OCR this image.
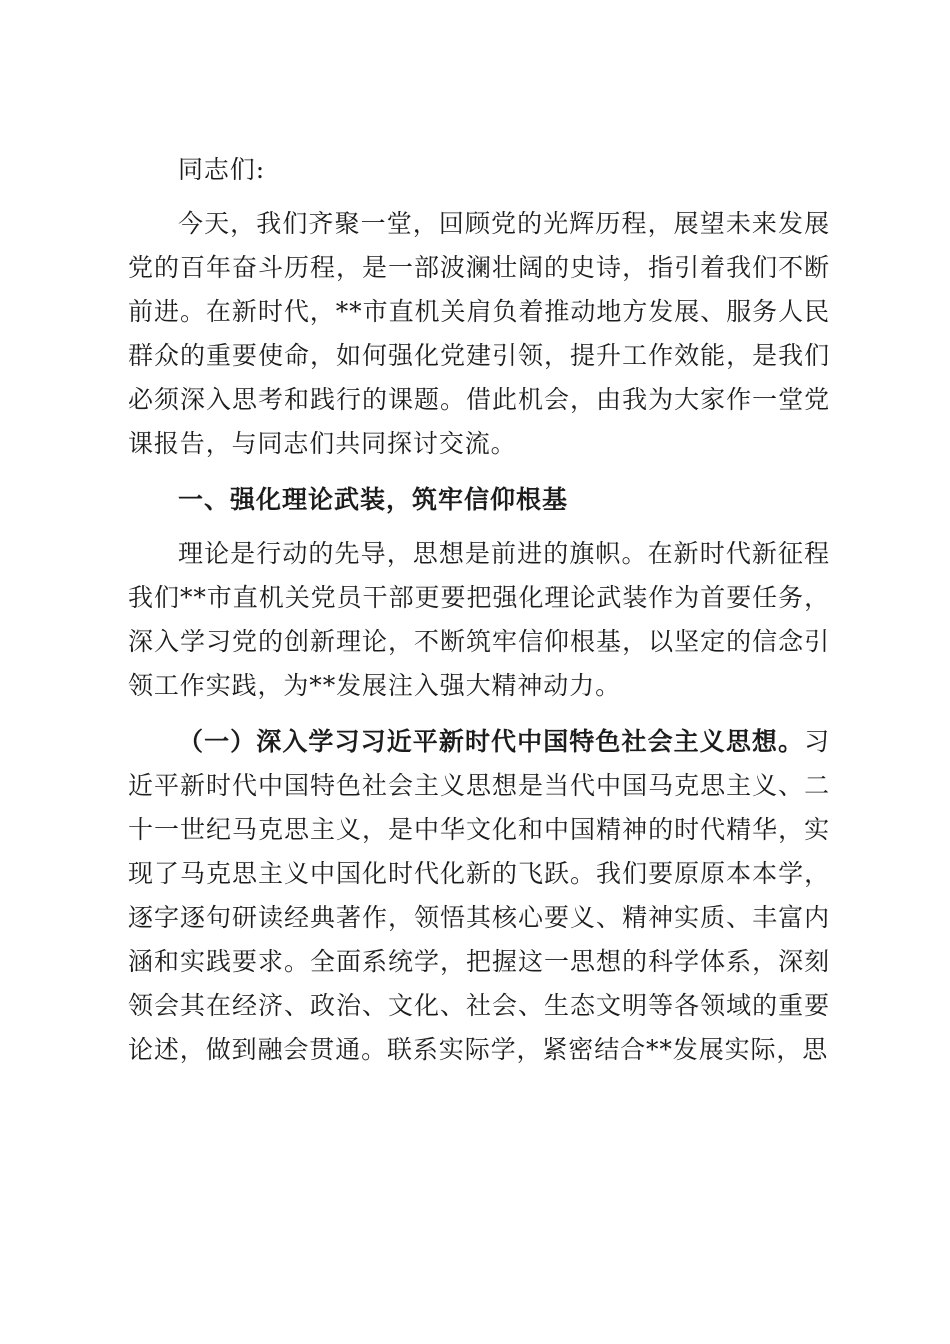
同志们:

今天，我们齐聚一堂，回顾党的光辉历程，展望未来发展党的百年奋斗历程，是一部波澜壮阔的史诗，指引着我们不断前进。在新时代，**市直机关肩负着推动地方发展、服务人民群众的重要使命，如何强化党建引领，提升工作效能，是我们必须深入思考和践行的课题。借此机会，由我为大家作一堂党课报告，与同志们共同探讨交流。

一、强化理论武装，筑牢信仰根基

理论是行动的先导，思想是前进的旗帜。在新时代新征程我们**市直机关党员干部更要把强化理论武装作为首要任务，深入学习党的创新理论，不断筑牢信仰根基，以坚定的信念引领工作实践，为**发展注入强大精神动力。

（一）深入学习习近平新时代中国特色社会主义思想。习近平新时代中国特色社会主义思想是当代中国马克思主义、二十一世纪马克思主义，是中华文化和中国精神的时代精华，实现了马克思主义中国化时代化新的飞跃。我们要原原本本学，逐字逐句研读经典著作，领悟其核心要义、精神实质、丰富内涵和实践要求。全面系统学，把握这一思想的科学体系，深刻领会其在经济、政治、文化、社会、生态文明等各领域的重要论述，做到融会贯通。联系实际学，紧密结合**发展实际，思
